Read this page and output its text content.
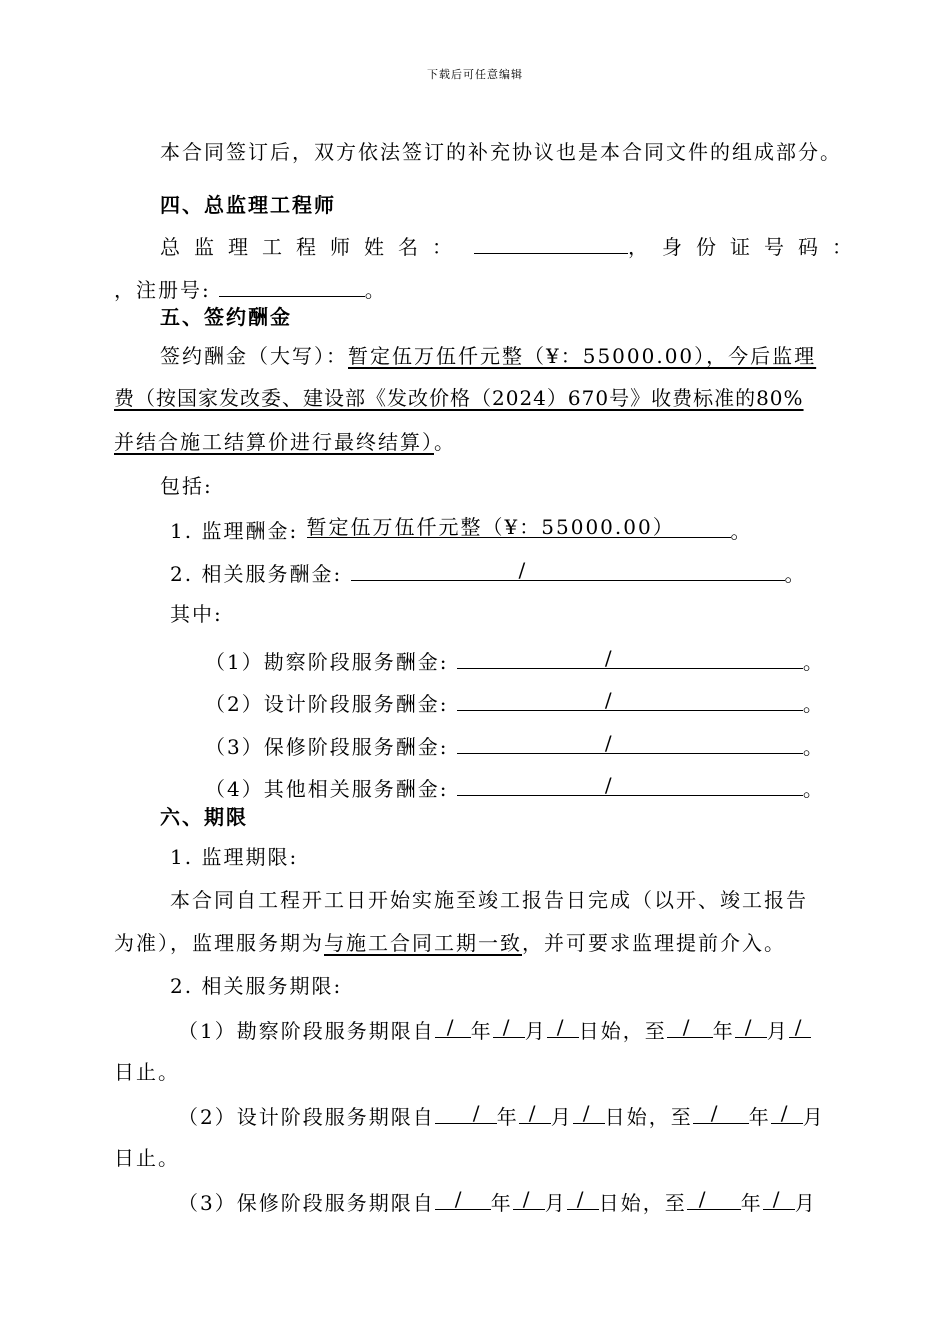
下载后可任意编辑
本合同签订后，双方依法签订的补充协议也是本合同文件的组成部分。
四、总监理工程师
总监理工程师姓名：	，身份证号码：
，注册号:	。
五、签约酬金
签约酬金（大写）：暂定伍万伍仟元整（¥：55000.00），今后监理
费（按国家发改委、建设部《发改价格（2024）670号》收费标准的80%
并结合施工结算价进行最终结算）。
包括:
1. 监理酬金: 暂定伍万伍仟元整（¥：55000.00）	。
2. 相关服务酬金:	/	。
其中:
（1）勘察阶段服务酬金:	/	。
（2）设计阶段服务酬金:	/	。
（3）保修阶段服务酬金:	/	。
（4）其他相关服务酬金:	/	。
六、期限
1. 监理期限:
本合同自工程开工日开始实施至竣工报告日完成（以开、竣工报告
为准），监理服务期为与施工合同工期一致，并可要求监理提前介入。
2. 相关服务期限:
（1）勘察阶段服务期限自 / 年 / 月 / 日始，至 / 年 / 月 /
日止。
（2）设计阶段服务期限自 / 年 / 月 / 日始，至 / 年 / 月
日止。
（3）保修阶段服务期限自 / 年 / 月 / 日始，至 / 年 / 月
